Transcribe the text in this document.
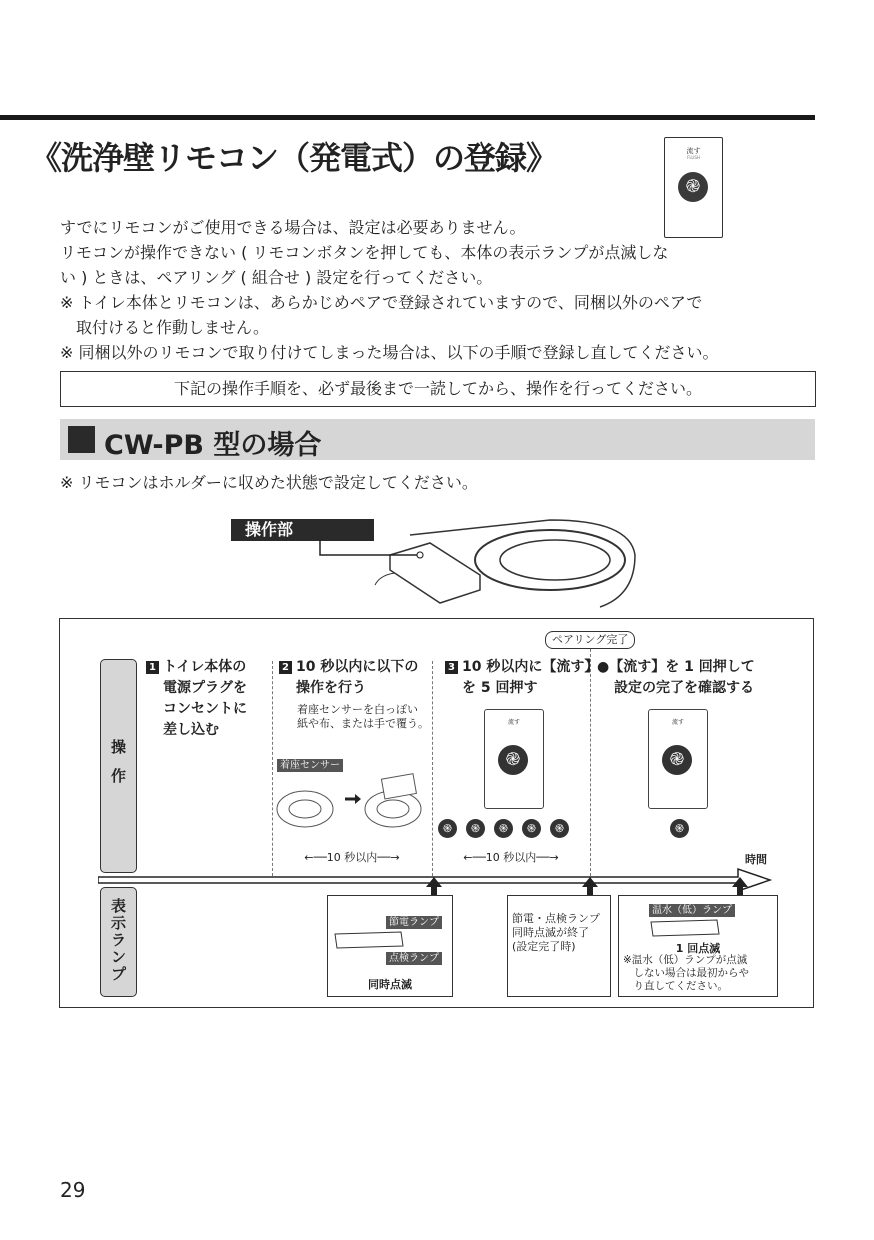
《洗浄壁リモコン（発電式）の登録》	流す
FLUSH
֎
すでにリモコンがご使用できる場合は、設定は必要ありません。
リモコンが操作できない ( リモコンボタンを押しても、本体の表示ランプが点滅しな
い ) ときは、ペアリング ( 組合せ ) 設定を行ってください。
※ トイレ本体とリモコンは、あらかじめペアで登録されていますので、同梱以外のペアで
　取付けると作動しません。
※ 同梱以外のリモコンで取り付けてしまった場合は、以下の手順で登録し直してください。
下記の操作手順を、必ず最後まで一読してから、操作を行ってください。
CW-PB 型の場合
※ リモコンはホルダーに収めた状態で設定してください。
操作部
操
作
表
示
ラ
ン
プ
ペアリング完了
1 トイレ本体の
電源プラグを
コンセントに
差し込む
2 10 秒以内に以下の
操作を行う
着座センサーを白っぽい
紙や布、または手で覆う。
着座センサー
3 10 秒以内に【流す】
を 5 回押す
流す
֎
֎	֎	֎	֎	֎
●【流す】を 1 回押して
設定の完了を確認する
流す
֎
֎
←──10 秒以内──→	←──10 秒以内──→	時間
節電ランプ
点検ランプ
同時点滅
節電・点検ランプ
同時点滅が終了
(設定完了時)
温水（低）ランプ
1 回点滅
※温水（低）ランプが点滅
　しない場合は最初からや
　り直してください。
29
